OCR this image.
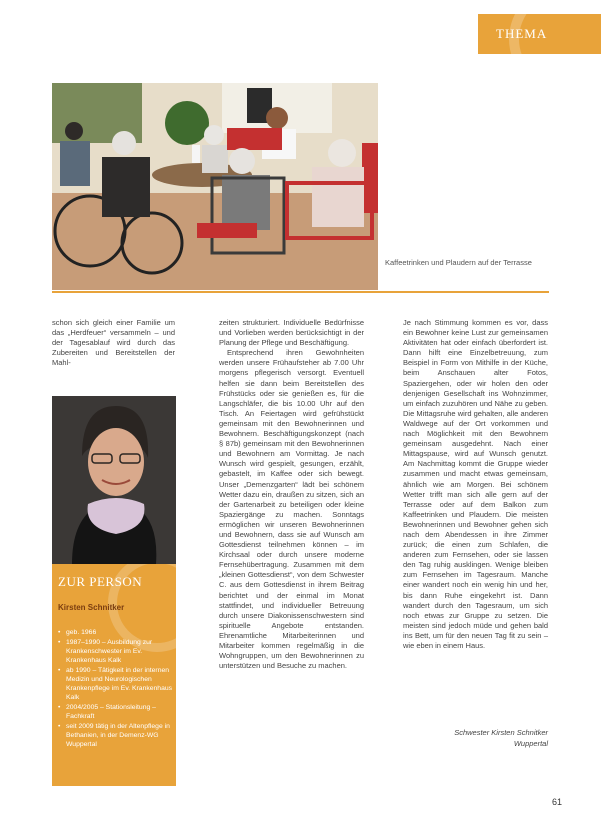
THEMA
Kaffeetrinken und Plaudern auf der Terrasse

schon sich gleich einer Familie um das „Herdfeuer“ versammeln – und der Tagesablauf wird durch das Zubereiten und Bereitstellen der Mahl-

zeiten strukturiert. Individuelle Bedürfnisse und Vorlieben werden berücksichtigt in der Planung der Pflege und Beschäftigung.

Entsprechend ihren Gewohnheiten werden unsere Frühaufsteher ab 7.00 Uhr morgens pflegerisch versorgt. Eventuell helfen sie dann beim Bereitstellen des Frühstücks oder sie genießen es, für die Langschläfer, die bis 10.00 Uhr auf den Tisch. An Feiertagen wird gefrühstückt gemeinsam mit den Bewohnerinnen und Bewohnern. Beschäftigungskonzept (nach § 87b) gemeinsam mit den Bewohnerinnen und Bewohnern am Vormittag. Je nach Wunsch wird gespielt, gesungen, erzählt, gebastelt, im Kaffee oder sich bewegt. Unser „Demenzgarten“ lädt bei schönem Wetter dazu ein, draußen zu sitzen, sich an der Gartenarbeit zu beteiligen oder kleine Spaziergänge zu machen. Sonntags ermöglichen wir unseren Bewohnerinnen und Bewohnern, dass sie auf Wunsch am Gottesdienst teilnehmen können – im Kirchsaal oder durch unsere moderne Fernsehübertragung. Zusammen mit dem „kleinen Gottesdienst“, von dem Schwester C. aus dem Gottesdienst in ihrem Beitrag berichtet und der einmal im Monat stattfindet, und individueller Betreuung durch unsere Diakonissenschwestern sind spirituelle Angebote entstanden. Ehrenamtliche Mitarbeiterinnen und Mitarbeiter kommen regelmäßig in die Wohngruppen, um den Bewohnerinnen zu unterstützen und Besuche zu machen.

Je nach Stimmung kommen es vor, dass ein Bewohner keine Lust zur gemeinsamen Aktivitäten hat oder einfach überfordert ist. Dann hilft eine Einzelbetreuung, zum Beispiel in Form von Mithilfe in der Küche, beim Anschauen alter Fotos, Spaziergehen, oder wir holen den oder denjenigen Gesellschaft ins Wohnzimmer, um einfach zuzuhören und Nähe zu geben. Die Mittagsruhe wird gehalten, alle anderen Waldwege auf der Ort vorkommen und nach Möglichkeit mit den Bewohnern gemeinsam ausgedehnt. Nach einer Mittagspause, wird auf Wunsch genutzt. Am Nachmittag kommt die Gruppe wieder zusammen und macht etwas gemeinsam, ähnlich wie am Morgen. Bei schönem Wetter trifft man sich alle gern auf der Terrasse oder auf dem Balkon zum Kaffeetrinken und Plaudern. Die meisten Bewohnerinnen und Bewohner gehen sich nach dem Abendessen in ihre Zimmer zurück; die einen zum Schlafen, die anderen zum Fernsehen, oder sie lassen den Tag ruhig ausklingen. Wenige bleiben zum Fernsehen im Tagesraum. Manche einer wandert noch ein wenig hin und her, bis dann Ruhe eingekehrt ist. Dann wandert durch den Tagesraum, um sich noch etwas zur Gruppe zu setzen. Die meisten sind jedoch müde und gehen bald ins Bett, um für den neuen Tag fit zu sein – wie eben in einem Haus.

ZUR PERSON
Kirsten Schnitker
• geb. 1966
• 1987–1990 – Ausbildung zur Krankenschwester im Ev. Krankenhaus Kalk
• ab 1990 – Tätigkeit in der internen Medizin und Neurologischen Krankenpflege im Ev. Krankenhaus Kalk
• 2004/2005 – Stationsleitung – Fachkraft
• seit 2009 tätig in der Altenpflege in Bethanien, in der Demenz-WG Wuppertal
Schwester Kirsten Schnitker
Wuppertal
61
